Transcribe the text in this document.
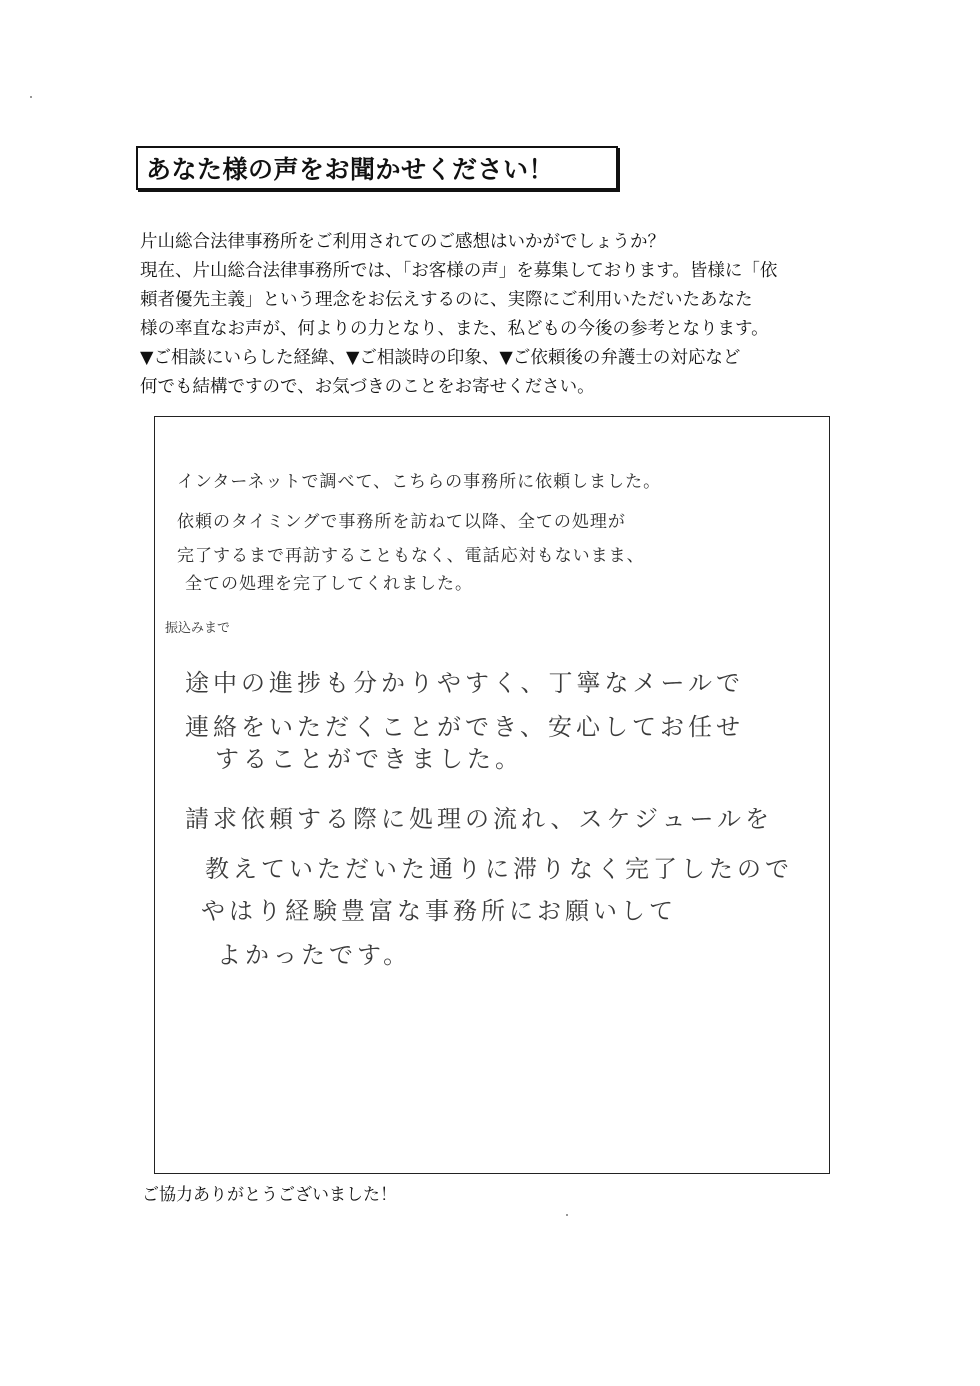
あなた様の声をお聞かせください！
片山総合法律事務所をご利用されてのご感想はいかがでしょうか？
現在、片山総合法律事務所では、「お客様の声」を募集しております。皆様に「依
頼者優先主義」という理念をお伝えするのに、実際にご利用いただいたあなた
様の率直なお声が、何よりの力となり、また、私どもの今後の参考となります。
▼ご相談にいらした経緯、▼ご相談時の印象、▼ご依頼後の弁護士の対応など
何でも結構ですので、お気づきのことをお寄せください。
インターネットで調べて、こちらの事務所に依頼しました。
依頼のタイミングで事務所を訪ねて以降、全ての処理が
完了するまで再訪することもなく、電話応対もないまま、
全ての処理を完了してくれました。
振込みまで
途中の進捗も分かりやすく、丁寧なメールで
連絡をいただくことができ、安心してお任せ
することができました。
請求依頼する際に処理の流れ、スケジュールを
教えていただいた通りに滞りなく完了したので
やはり経験豊富な事務所にお願いして
よかったです。
ご協力ありがとうございました！
